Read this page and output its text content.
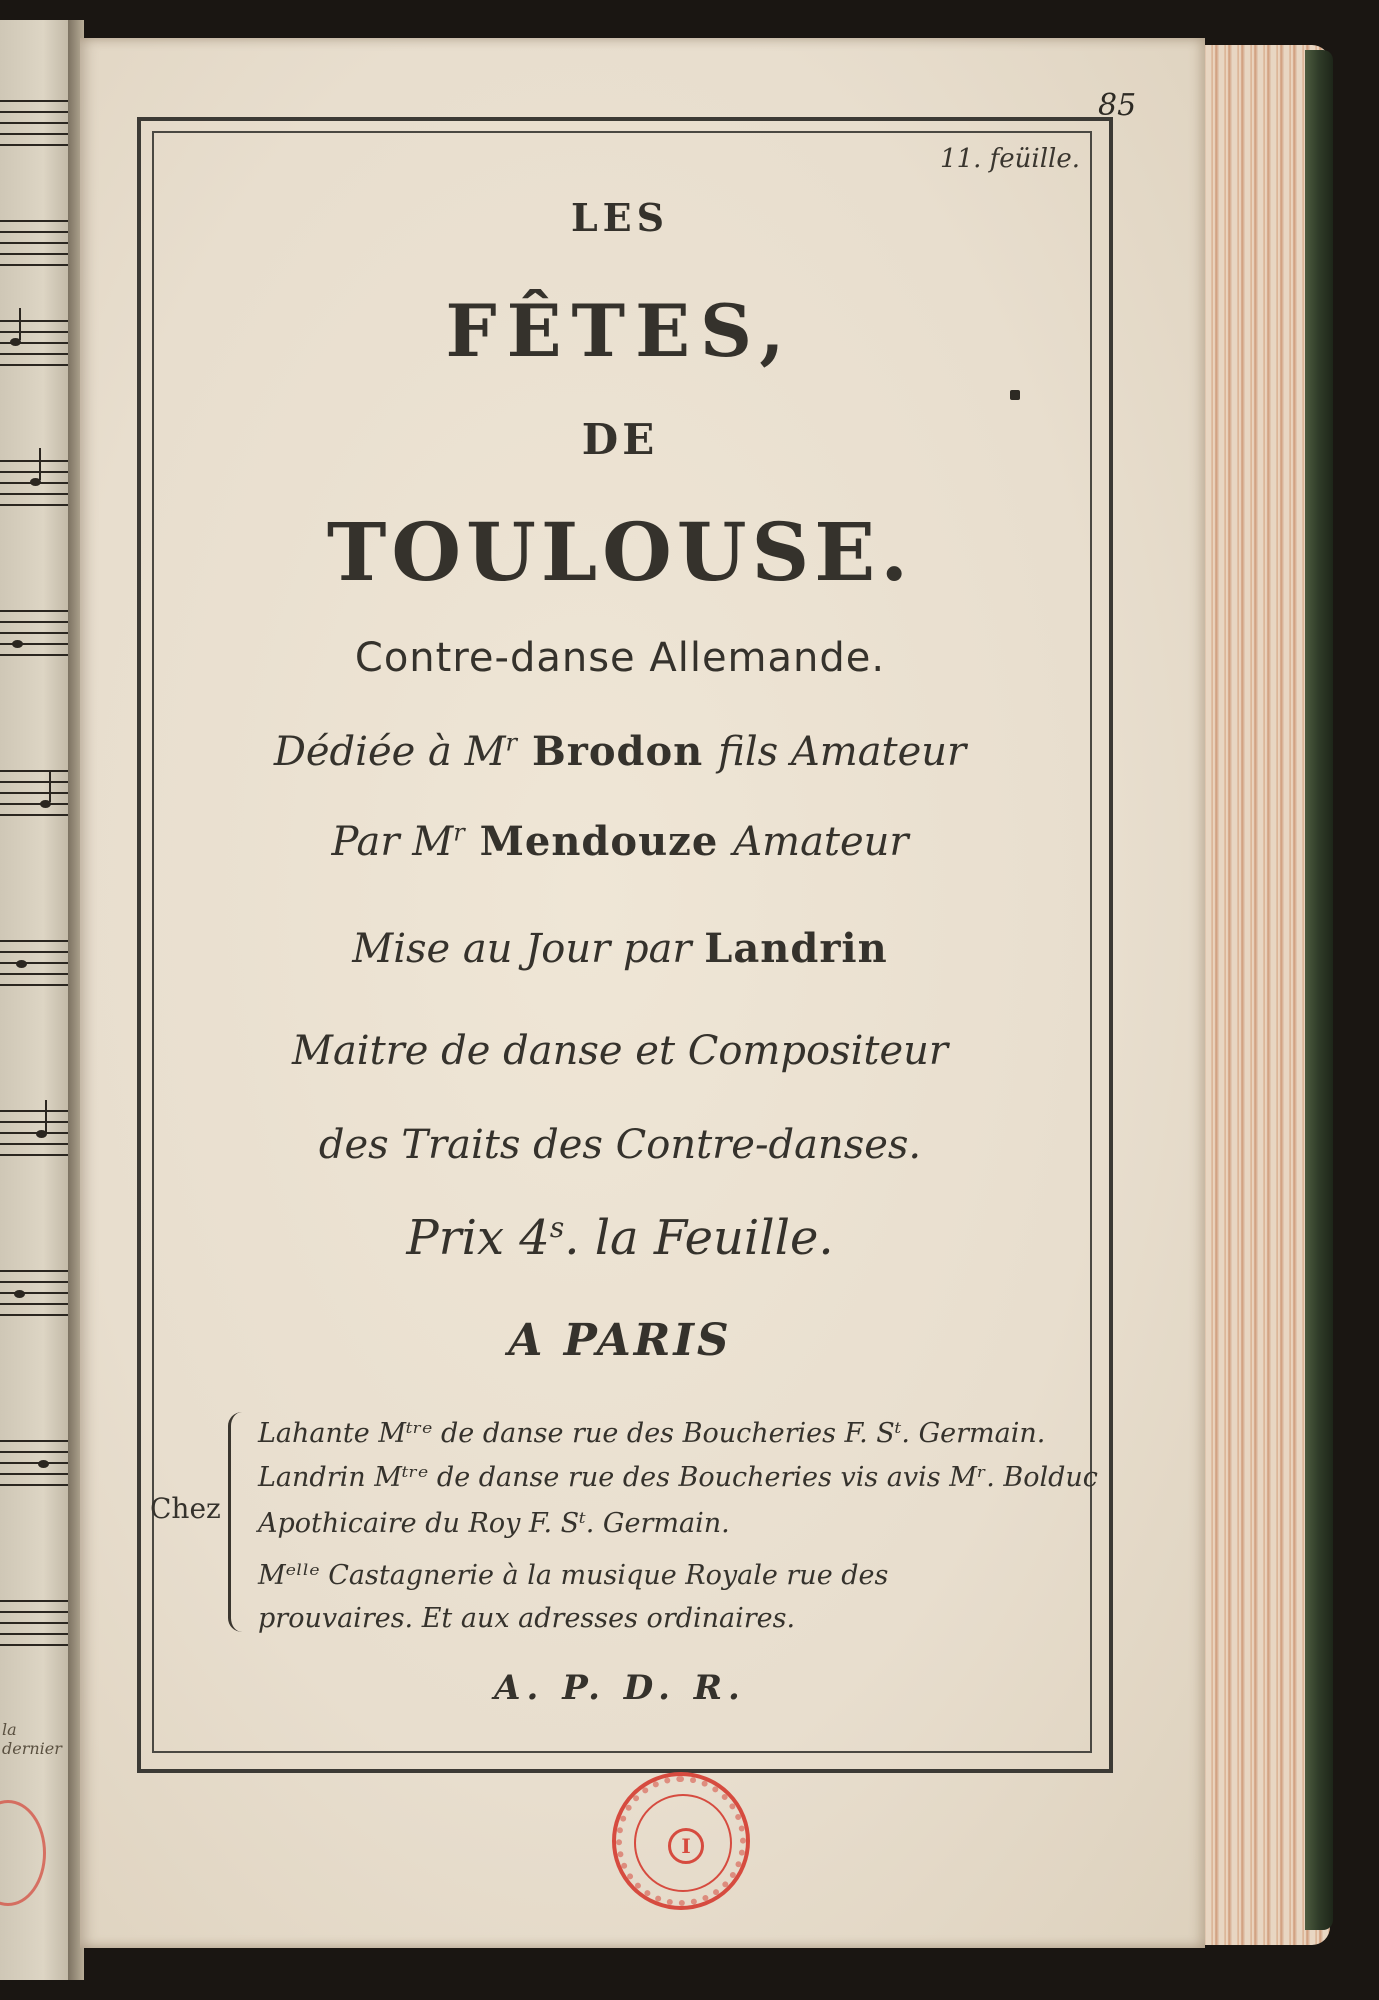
la dernier
85
11. feüille.
LES
FÊTES,
DE
TOULOUSE.
Contre-danse Allemande.
Dédiée à $M^r$ Brodon fils Amateur
Par $M^r$ Mendouze Amateur
Mise au Jour par Landrin
Maitre de danse et Compositeur
des Traits des Contre-danses.
Prix 4$^s$. la Feuille.
A PARIS
Chez
Lahante Mᵗʳᵉ de danse rue des Boucheries F. Sᵗ. Germain.
Landrin Mᵗʳᵉ de danse rue des Boucheries vis avis Mʳ. Bolduc
Apothicaire du Roy F. Sᵗ. Germain.
Mᵉˡˡᵉ Castagnerie à la musique Royale rue des
prouvaires. Et aux adresses ordinaires.
A. P. D. R.
I
